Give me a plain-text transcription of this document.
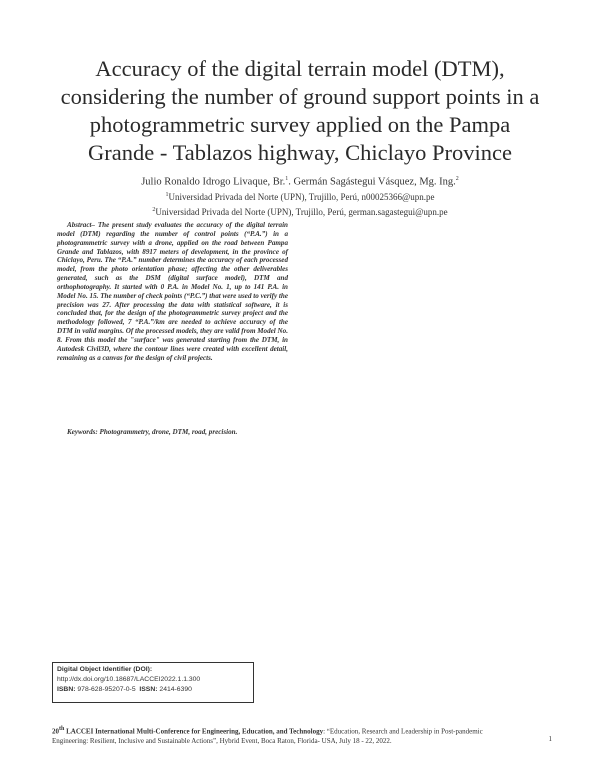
Accuracy of the digital terrain model (DTM),
considering the number of ground support points in a
photogrammetric survey applied on the Pampa
Grande - Tablazos highway, Chiclayo Province
Julio Ronaldo Idrogo Livaque, Br.$^1$. Germán Sagástegui Vásquez, Mg. Ing.$^2$
$^1$Universidad Privada del Norte (UPN), Trujillo, Perú, n00025366@upn.pe
$^2$Universidad Privada del Norte (UPN), Trujillo, Perú, german.sagastegui@upn.pe
Abstract– The present study evaluates the accuracy of the digital terrain model (DTM) regarding the number of control points (“P.A.”) in a photogrammetric survey with a drone, applied on the road between Pampa Grande and Tablazos, with 8917 meters of development, in the province of Chiclayo, Peru. The “P.A.” number determines the accuracy of each processed model, from the photo orientation phase; affecting the other deliverables generated, such as the DSM (digital surface model), DTM and orthophotography. It started with 0 P.A. in Model No. 1, up to 141 P.A. in Model No. 15. The number of check points (“P.C.”) that were used to verify the precision was 27. After processing the data with statistical software, it is concluded that, for the design of the photogrammetric survey project and the methodology followed, 7 “P.A.”/km are needed to achieve accuracy of the DTM in valid margins. Of the processed models, they are valid from Model No. 8. From this model the "surface" was generated starting from the DTM, in Autodesk Civil3D, where the contour lines were created with excellent detail, remaining as a canvas for the design of civil projects.
Keywords: Photogrammetry, drone, DTM, road, precision.
Digital Object Identifier (DOI):
http://dx.doi.org/10.18687/LACCEI2022.1.1.300
ISBN: 978-628-95207-0-5 ISSN: 2414-6390
20th LACCEI International Multi-Conference for Engineering, Education, and Technology: “Education, Research and Leadership in Post-pandemic
Engineering: Resilient, Inclusive and Sustainable Actions”, Hybrid Event, Boca Raton, Florida- USA, July 18 - 22, 2022.	1
